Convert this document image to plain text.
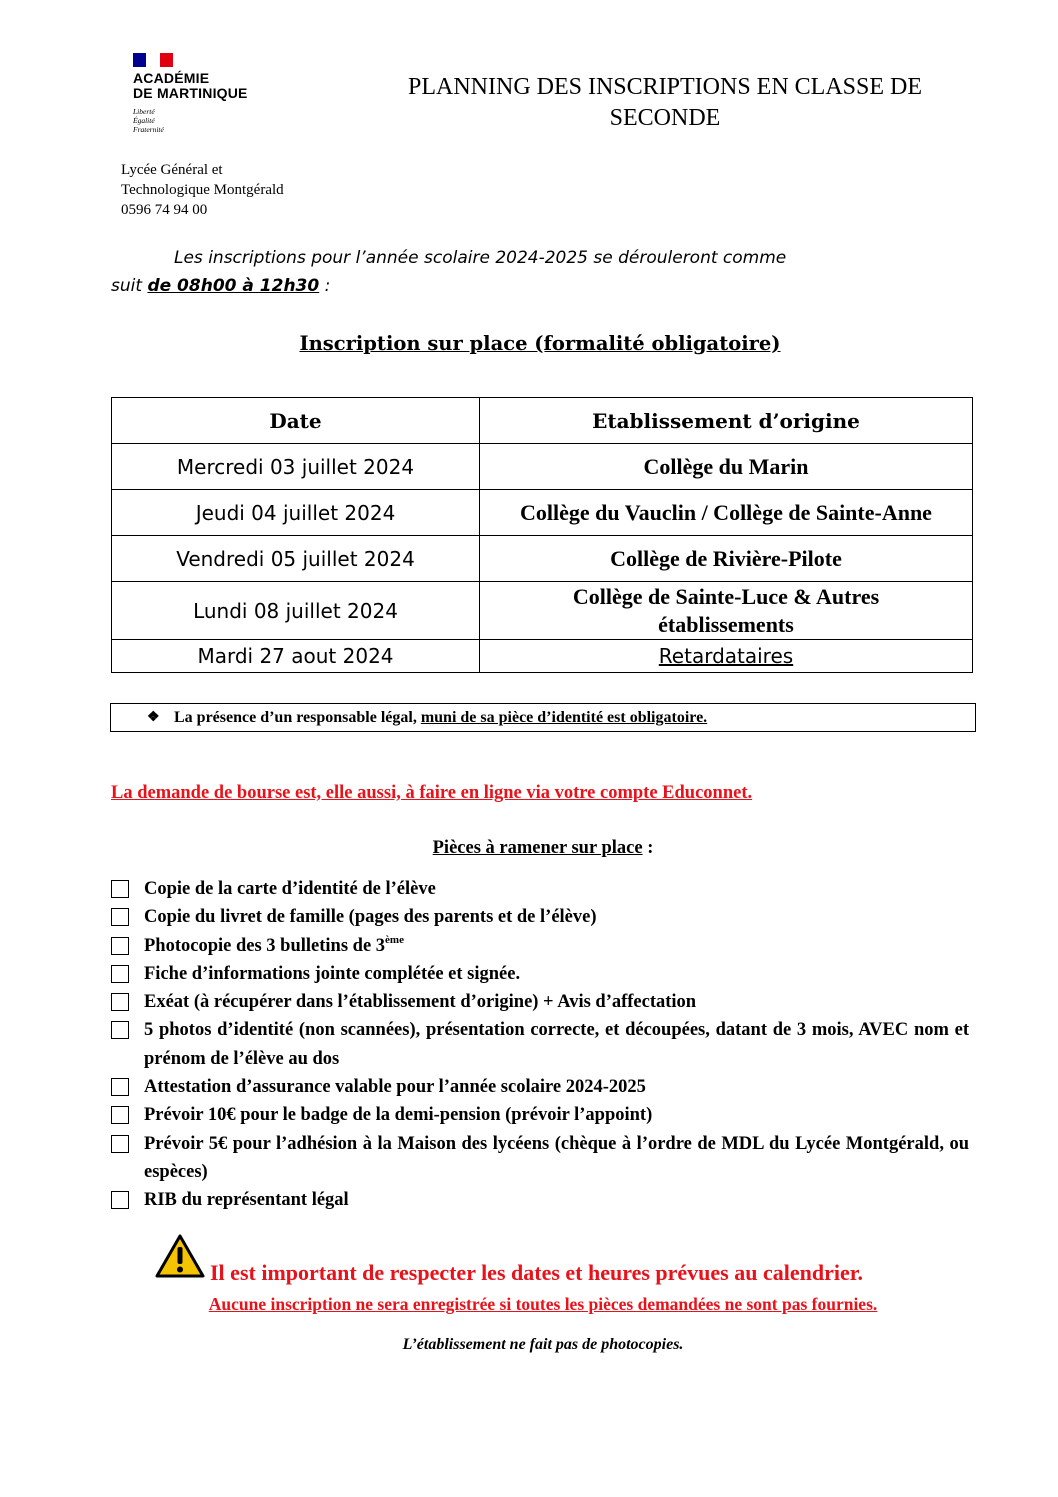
ACADÉMIE
DE MARTINIQUE
Liberté
Égalité
Fraternité
Lycée Général et
Technologique Montgérald
0596 74 94 00
PLANNING DES INSCRIPTIONS EN CLASSE DE SECONDE
Les inscriptions pour l’année scolaire 2024-2025 se dérouleront comme
suit de 08h00 à 12h30 :
Inscription sur place (formalité obligatoire)
Date	Etablissement d’origine
Mercredi 03 juillet 2024	Collège du Marin
Jeudi 04 juillet 2024	Collège du Vauclin / Collège de Sainte-Anne
Vendredi 05 juillet 2024	Collège de Rivière-Pilote
Lundi 08 juillet 2024	Collège de Sainte-Luce & Autres établissements
Mardi 27 aout 2024	Retardataires
❖ La présence d’un responsable légal, muni de sa pièce d’identité est obligatoire.
La demande de bourse est, elle aussi, à faire en ligne via votre compte Educonnet.
Pièces à ramener sur place :
Copie de la carte d’identité de l’élève
Copie du livret de famille (pages des parents et de l’élève)
Photocopie des 3 bulletins de 3ème
Fiche d’informations jointe complétée et signée.
Exéat (à récupérer dans l’établissement d’origine) + Avis d’affectation
5 photos d’identité (non scannées), présentation correcte, et découpées, datant de 3 mois, AVEC nom et prénom de l’élève au dos
Attestation d’assurance valable pour l’année scolaire 2024-2025
Prévoir 10€ pour le badge de la demi-pension (prévoir l’appoint)
Prévoir 5€ pour l’adhésion à la Maison des lycéens (chèque à l’ordre de MDL du Lycée Montgérald, ou espèces)
RIB du représentant légal
Il est important de respecter les dates et heures prévues au calendrier.
Aucune inscription ne sera enregistrée si toutes les pièces demandées ne sont pas fournies.
L’établissement ne fait pas de photocopies.
